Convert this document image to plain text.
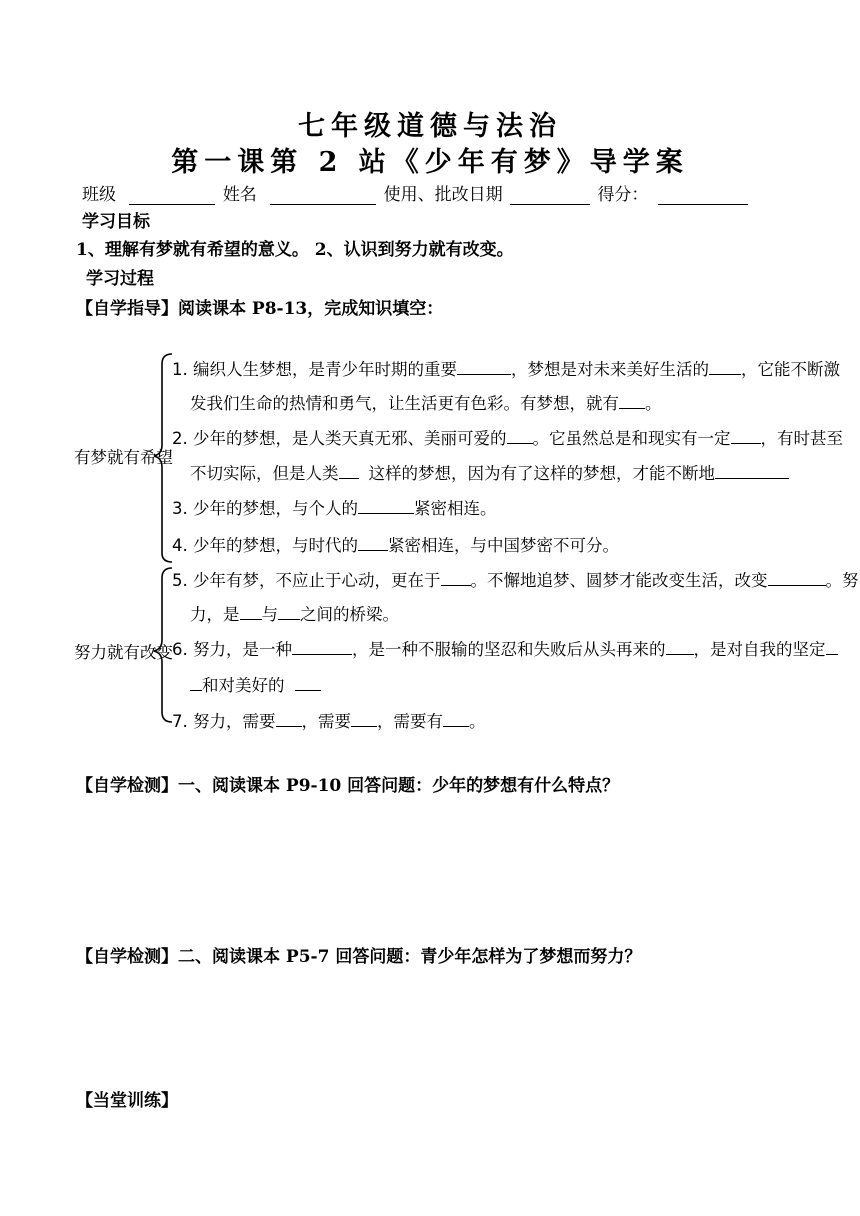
七年级道德与法治
第一课第 2 站《少年有梦》导学案
班级	姓名	使用、批改日期	得分：
学习目标
1、理解有梦就有希望的意义。 2、认识到努力就有改变。
学习过程
【自学指导】阅读课本 P8-13，完成知识填空：
有梦就有希望
努力就有改变
1. 编织人生梦想，是青少年时期的重要	，梦想是对未来美好生活的 ，它能不断激
发我们生命的热情和勇气，让生活更有色彩。有梦想，就有 。
2. 少年的梦想，是人类天真无邪、美丽可爱的 。它虽然总是和现实有一定 ，有时甚至
不切实际，但是人类 这样的梦想，因为有了这样的梦想，才能不断地
3. 少年的梦想，与个人的	紧密相连。
4. 少年的梦想，与时代的 紧密相连，与中国梦密不可分。
5. 少年有梦，不应止于心动，更在于 。不懈地追梦、圆梦才能改变生活，改变	。努
力，是 与 之间的桥梁。
6. 努力，是一种	，是一种不服输的坚忍和失败后从头再来的 ，是对自我的坚定
和对美好的
7. 努力，需要 ，需要 ，需要有 。
【自学检测】一、阅读课本 P9-10 回答问题：少年的梦想有什么特点？
【自学检测】二、阅读课本 P5-7 回答问题：青少年怎样为了梦想而努力？
【当堂训练】
